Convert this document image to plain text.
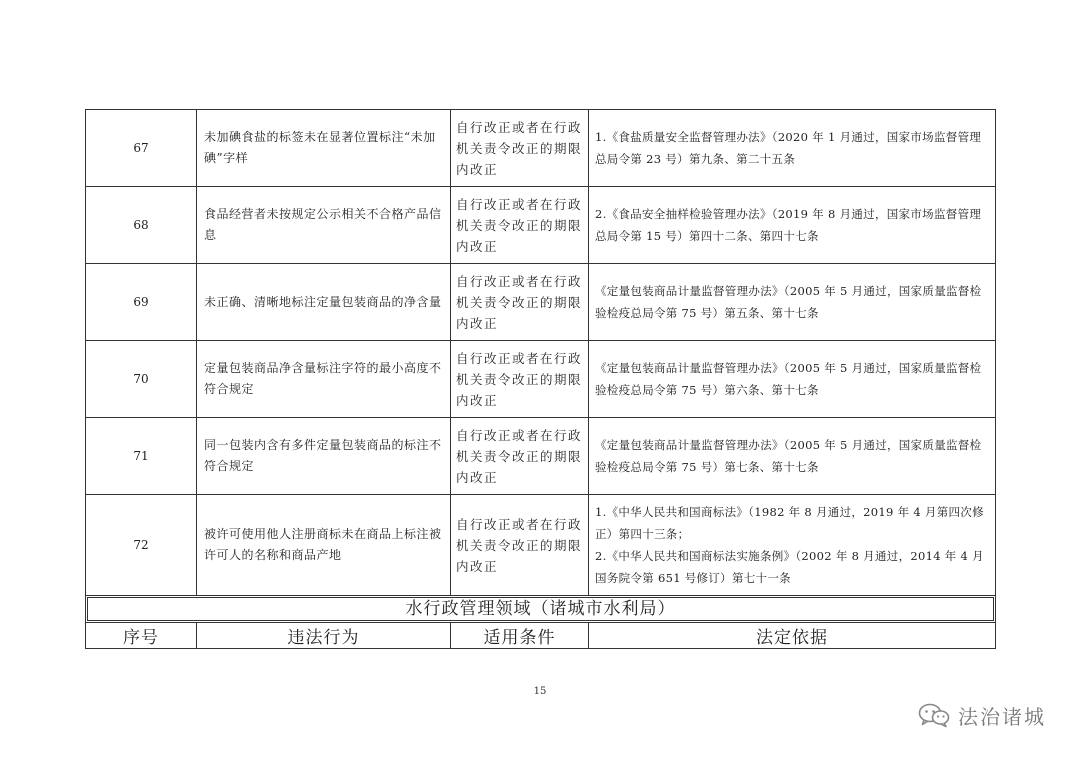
67	未加碘食盐的标签未在显著位置标注“未加碘”字样	自行改正或者在行政机关责令改正的期限内改正	1.《食盐质量安全监督管理办法》（2020 年 1 月通过，国家市场监督管理总局令第 23 号）第九条、第二十五条

68	食品经营者未按规定公示相关不合格产品信息	自行改正或者在行政机关责令改正的期限内改正	2.《食品安全抽样检验管理办法》（2019 年 8 月通过，国家市场监督管理总局令第 15 号）第四十二条、第四十七条

69	未正确、清晰地标注定量包装商品的净含量	自行改正或者在行政机关责令改正的期限内改正	《定量包装商品计量监督管理办法》（2005 年 5 月通过，国家质量监督检验检疫总局令第 75 号）第五条、第十七条

70	定量包装商品净含量标注字符的最小高度不符合规定	自行改正或者在行政机关责令改正的期限内改正	《定量包装商品计量监督管理办法》（2005 年 5 月通过，国家质量监督检验检疫总局令第 75 号）第六条、第十七条

71	同一包装内含有多件定量包装商品的标注不符合规定	自行改正或者在行政机关责令改正的期限内改正	《定量包装商品计量监督管理办法》（2005 年 5 月通过，国家质量监督检验检疫总局令第 75 号）第七条、第十七条

72	被许可使用他人注册商标未在商品上标注被许可人的名称和商品产地	自行改正或者在行政机关责令改正的期限内改正	1.《中华人民共和国商标法》（1982 年 8 月通过，2019 年 4 月第四次修正）第四十三条；
2.《中华人民共和国商标法实施条例》（2002 年 8 月通过，2014 年 4 月国务院令第 651 号修订）第七十一条

水行政管理领域（诸城市水利局）			

序号	违法行为	适用条件	法定依据
15
法治诸城
